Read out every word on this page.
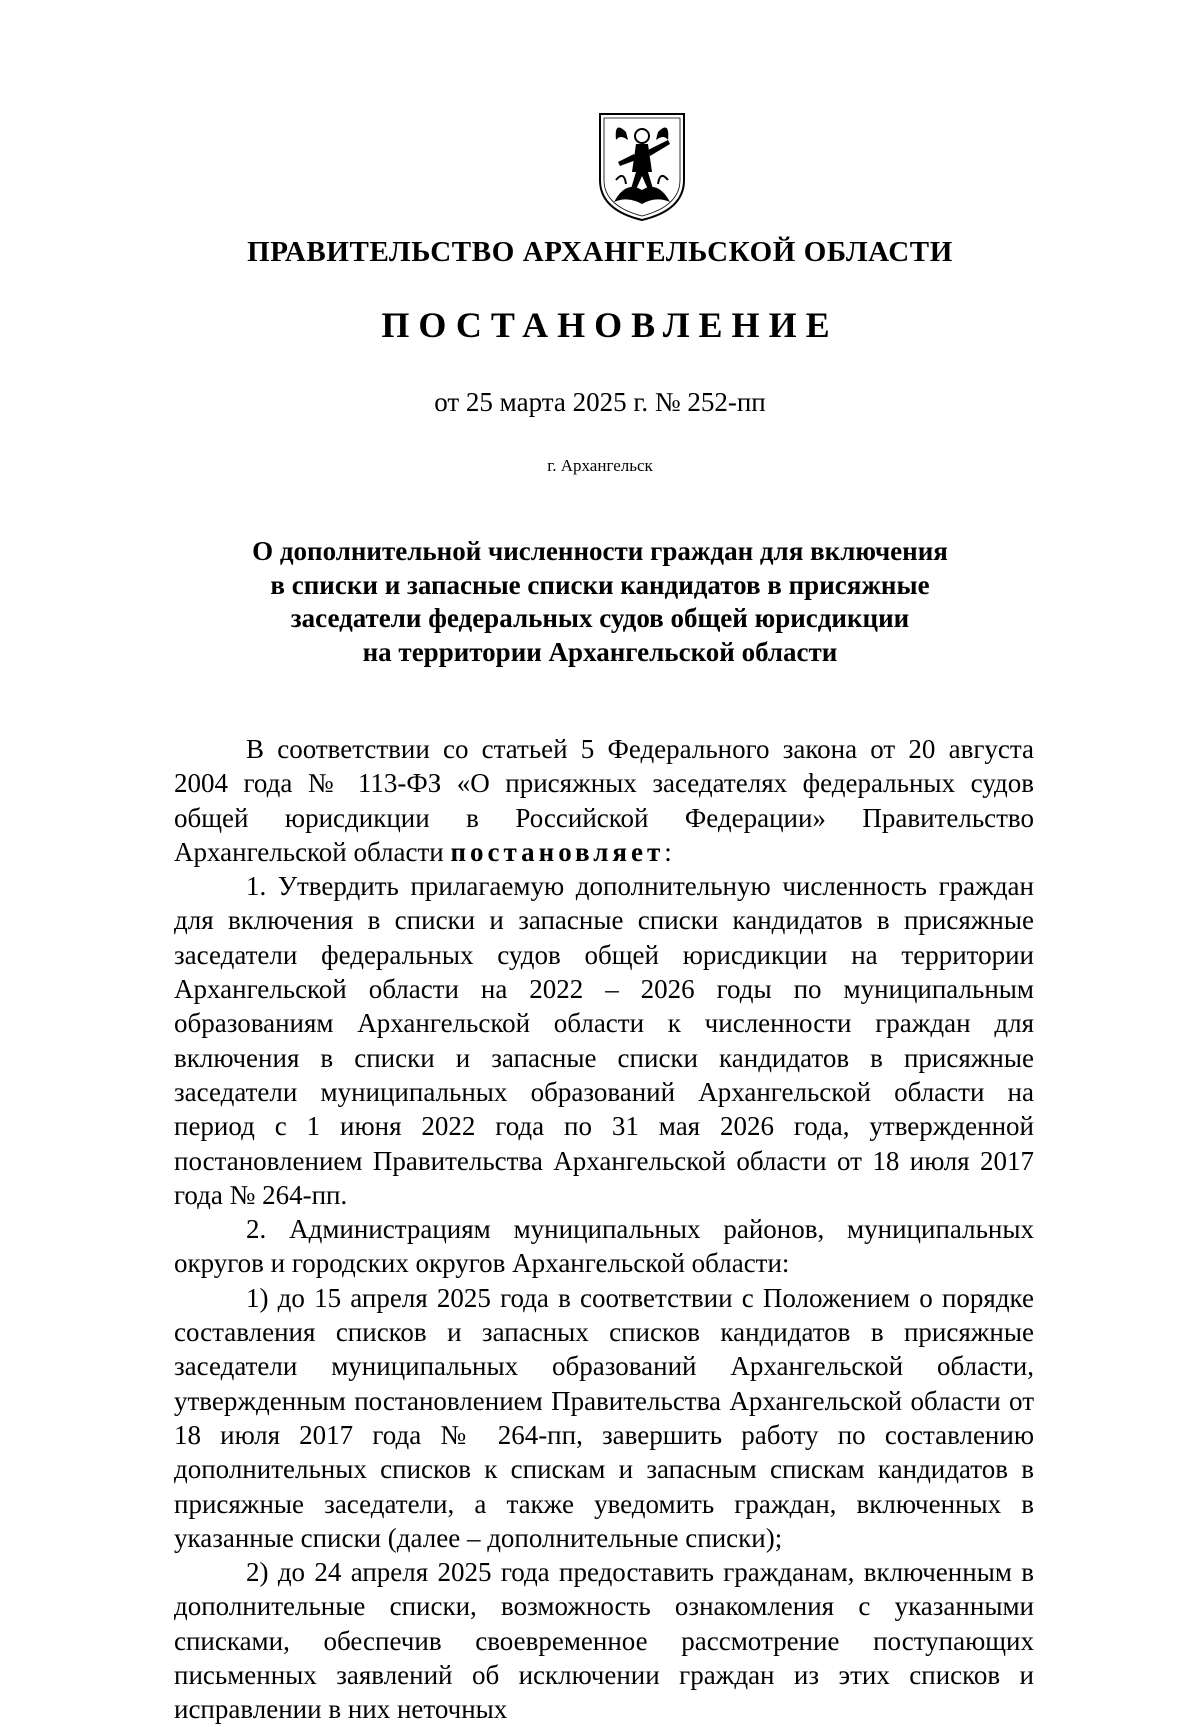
ПРАВИТЕЛЬСТВО АРХАНГЕЛЬСКОЙ ОБЛАСТИ
ПОСТАНОВЛЕНИЕ

от 25 марта 2025 г. № 252-пп

г. Архангельск

О дополнительной численности граждан для включения
в списки и запасные списки кандидатов в присяжные
заседатели федеральных судов общей юрисдикции
на территории Архангельской области

В соответствии со статьей 5 Федерального закона от 20 августа 2004 года № 113-ФЗ «О присяжных заседателях федеральных судов общей юрисдикции в Российской Федерации» Правительство Архангельской области постановляет:

1. Утвердить прилагаемую дополнительную численность граждан для включения в списки и запасные списки кандидатов в присяжные заседатели федеральных судов общей юрисдикции на территории Архангельской области на 2022 – 2026 годы по муниципальным образованиям Архангельской области к численности граждан для включения в списки и запасные списки кандидатов в присяжные заседатели муниципальных образований Архангельской области на период с 1 июня 2022 года по 31 мая 2026 года, утвержденной постановлением Правительства Архангельской области от 18 июля 2017 года № 264-пп.

2. Администрациям муниципальных районов, муниципальных округов и городских округов Архангельской области:

1) до 15 апреля 2025 года в соответствии с Положением о порядке составления списков и запасных списков кандидатов в присяжные заседатели муниципальных образований Архангельской области, утвержденным постановлением Правительства Архангельской области от 18 июля 2017 года № 264-пп, завершить работу по составлению дополнительных списков к спискам и запасным спискам кандидатов в присяжные заседатели, а также уведомить граждан, включенных в указанные списки (далее – дополнительные списки);

2) до 24 апреля 2025 года предоставить гражданам, включенным в дополнительные списки, возможность ознакомления с указанными списками, обеспечив своевременное рассмотрение поступающих письменных заявлений об исключении граждан из этих списков и исправлении в них неточных
